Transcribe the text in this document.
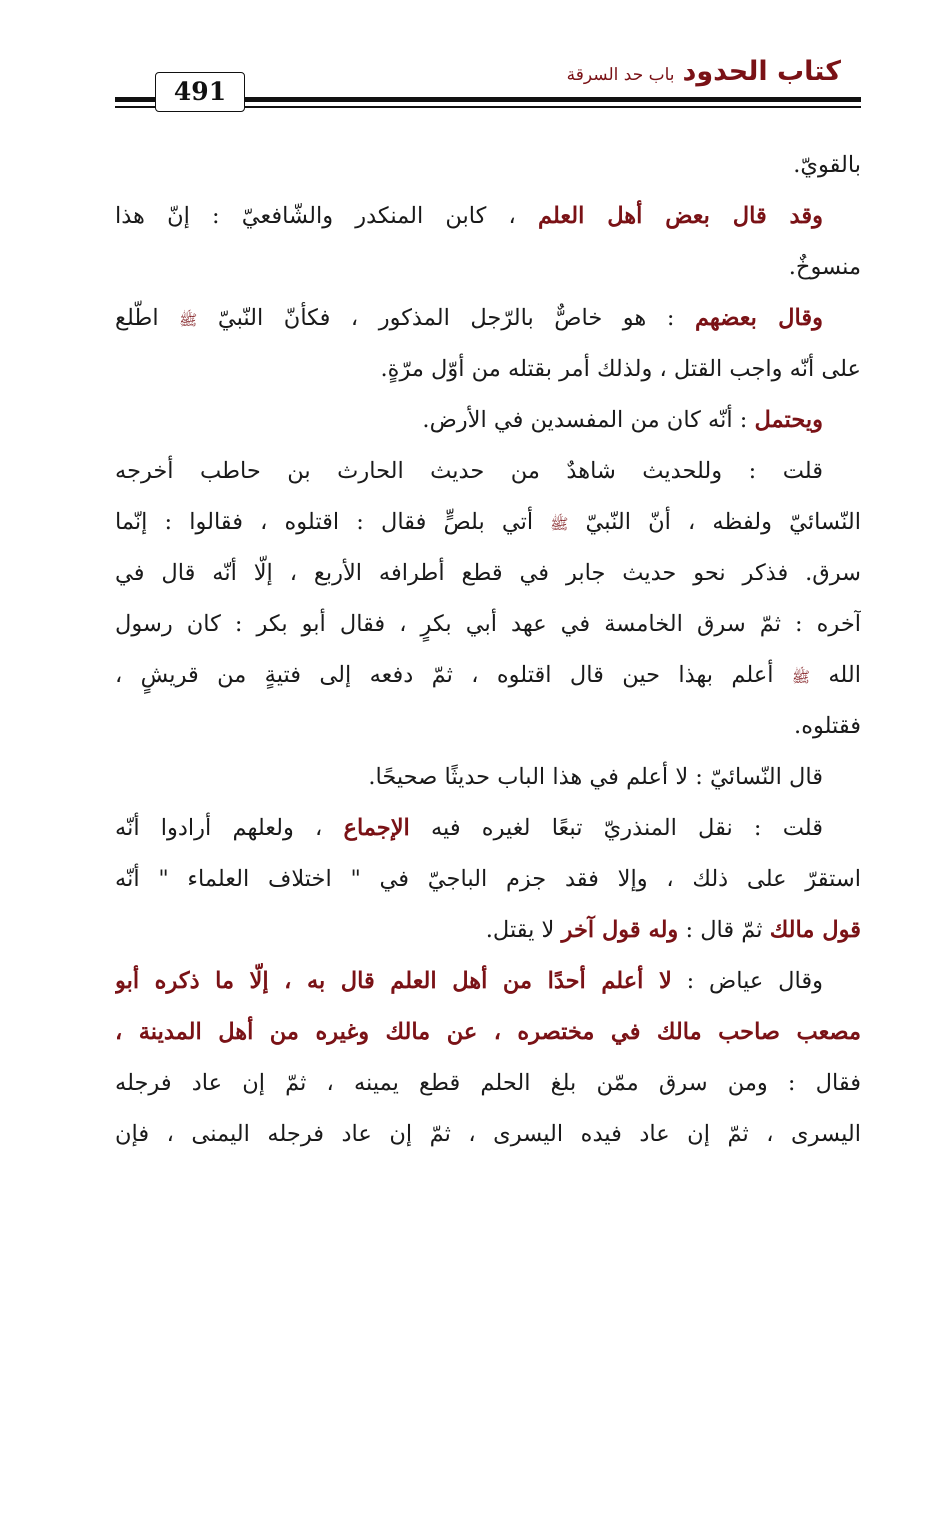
كتاب الحدودباب حد السرقة
491
بالقويّ.
وقد قال بعض أهل العلم ، كابن المنكدر والشّافعيّ : إنّ هذا
منسوخٌ.
وقال بعضهم : هو خاصٌّ بالرّجل المذكور ، فكأنّ النّبيّ ﷺ اطّلع
على أنّه واجب القتل ، ولذلك أمر بقتله من أوّل مرّةٍ.
ويحتمل : أنّه كان من المفسدين في الأرض.
قلت : وللحديث شاهدٌ من حديث الحارث بن حاطب أخرجه
النّسائيّ ولفظه ، أنّ النّبيّ ﷺ أتي بلصٍّ فقال : اقتلوه ، فقالوا : إنّما
سرق. فذكر نحو حديث جابر في قطع أطرافه الأربع ، إلّا أنّه قال في
آخره : ثمّ سرق الخامسة في عهد أبي بكرٍ ، فقال أبو بكر : كان رسول
الله ﷺ أعلم بهذا حين قال اقتلوه ، ثمّ دفعه إلى فتيةٍ من قريشٍ ،
فقتلوه.
قال النّسائيّ : لا أعلم في هذا الباب حديثًا صحيحًا.
قلت : نقل المنذريّ تبعًا لغيره فيه الإجماع ، ولعلهم أرادوا أنّه
استقرّ على ذلك ، وإلا فقد جزم الباجيّ في " اختلاف العلماء " أنّه
قول مالك ثمّ قال : وله قول آخر لا يقتل.
وقال عياض : لا أعلم أحدًا من أهل العلم قال به ، إلّا ما ذكره أبو
مصعب صاحب مالك في مختصره ، عن مالك وغيره من أهل المدينة ،
فقال : ومن سرق ممّن بلغ الحلم قطع يمينه ، ثمّ إن عاد فرجله
اليسرى ، ثمّ إن عاد فيده اليسرى ، ثمّ إن عاد فرجله اليمنى ، فإن
